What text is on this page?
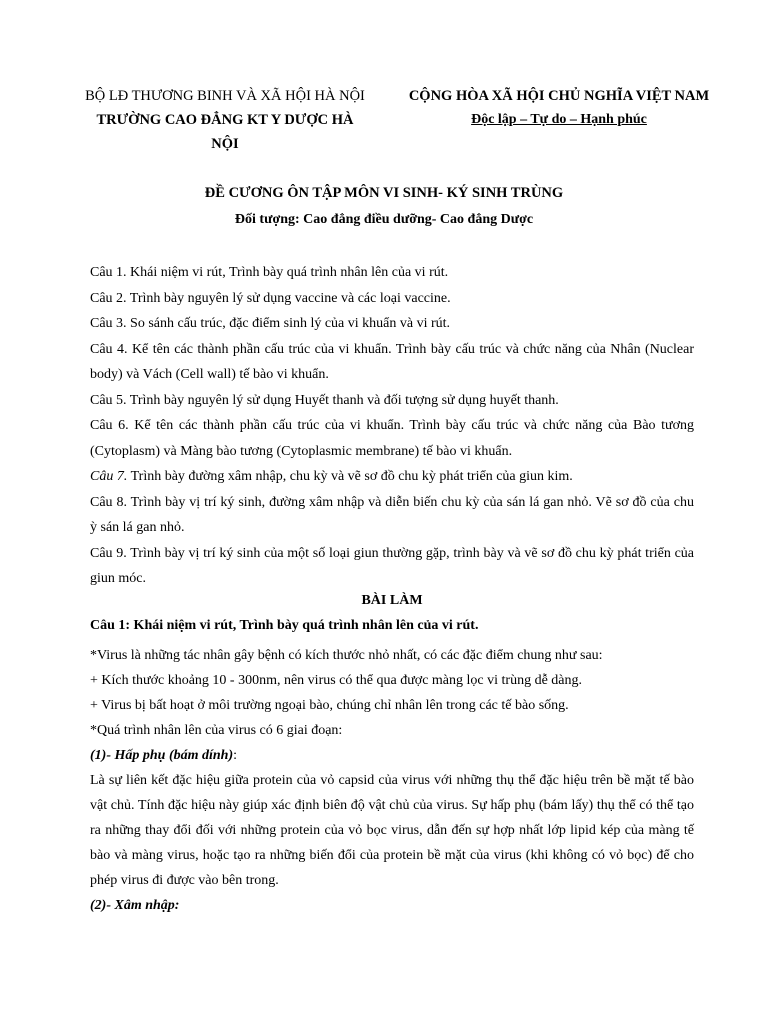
BỘ LĐ THƯƠNG BINH VÀ XÃ HỘI HÀ NỘI
TRƯỜNG CAO ĐẲNG KT Y DƯỢC HÀ NỘI
CỘNG HÒA XÃ HỘI CHỦ NGHĨA VIỆT NAM
Độc lập – Tự do – Hạnh phúc
ĐỀ CƯƠNG ÔN TẬP MÔN VI SINH- KÝ SINH TRÙNG
Đối tượng: Cao đẳng điều dưỡng- Cao đẳng Dược

Câu 1. Khái niệm vi rút, Trình bày quá trình nhân lên của vi rút.

Câu 2. Trình bày nguyên lý sử dụng vaccine và các loại vaccine.

Câu 3. So sánh cấu trúc, đặc điểm sinh lý của vi khuẩn và vi rút.

Câu 4. Kể tên các thành phần cấu trúc của vi khuẩn. Trình bày cấu trúc và chức năng của Nhân (Nuclear body) và Vách (Cell wall) tế bào vi khuẩn.

Câu 5. Trình bày nguyên lý sử dụng Huyết thanh và đối tượng sử dụng huyết thanh.

Câu 6. Kể tên các thành phần cấu trúc của vi khuẩn. Trình bày cấu trúc và chức năng của Bào tương (Cytoplasm) và Màng bào tương (Cytoplasmic membrane) tế bào vi khuẩn.

Câu 7. Trình bày đường xâm nhập, chu kỳ và vẽ sơ đồ chu kỳ phát triển của giun kim.

Câu 8. Trình bày vị trí ký sinh, đường xâm nhập và diễn biến chu kỳ của sán lá gan nhỏ. Vẽ sơ đồ của chu ỳ sán lá gan nhỏ.

Câu 9. Trình bày vị trí ký sinh của một số loại giun thường gặp, trình bày và vẽ sơ đồ chu kỳ phát triển của giun móc.

BÀI LÀM

Câu 1: Khái niệm vi rút, Trình bày quá trình nhân lên của vi rút.

*Virus là những tác nhân gây bệnh có kích thước nhỏ nhất, có các đặc điểm chung như sau:

+ Kích thước khoảng 10 - 300nm, nên virus có thể qua được màng lọc vi trùng dễ dàng.

+ Virus bị bất hoạt ở môi trường ngoại bào, chúng chỉ nhân lên trong các tế bào sống.

*Quá trình nhân lên của virus có 6 giai đoạn:

(1)- Hấp phụ (bám dính):

Là sự liên kết đặc hiệu giữa protein của vỏ capsid của virus với những thụ thể đặc hiệu trên bề mặt tế bào vật chủ. Tính đặc hiệu này giúp xác định biên độ vật chủ của virus. Sự hấp phụ (bám lấy) thụ thể có thể tạo ra những thay đổi đối với những protein của vỏ bọc virus, dẫn đến sự hợp nhất lớp lipid kép của màng tế bào và màng virus, hoặc tạo ra những biến đổi của protein bề mặt của virus (khi không có vỏ bọc) để cho phép virus đi được vào bên trong.

(2)- Xâm nhập:
